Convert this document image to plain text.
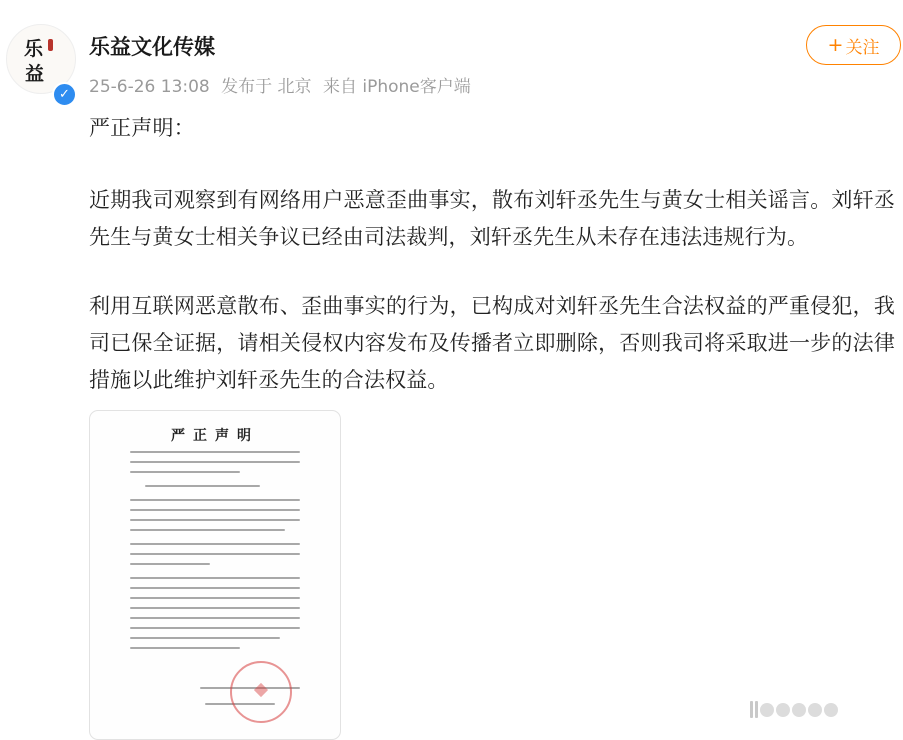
乐
益
✓
乐益文化传媒
25-6-26 13:08 发布于 北京 来自 iPhone客户端
+ 关注
严正声明：
近期我司观察到有网络用户恶意歪曲事实，散布刘轩丞先生与黄女士相关谣言。刘轩丞先生与黄女士相关争议已经由司法裁判，刘轩丞先生从未存在违法违规行为。
利用互联网恶意散布、歪曲事实的行为，已构成对刘轩丞先生合法权益的严重侵犯，我司已保全证据，请相关侵权内容发布及传播者立即删除，否则我司将采取进一步的法律措施以此维护刘轩丞先生的合法权益。
严正声明
